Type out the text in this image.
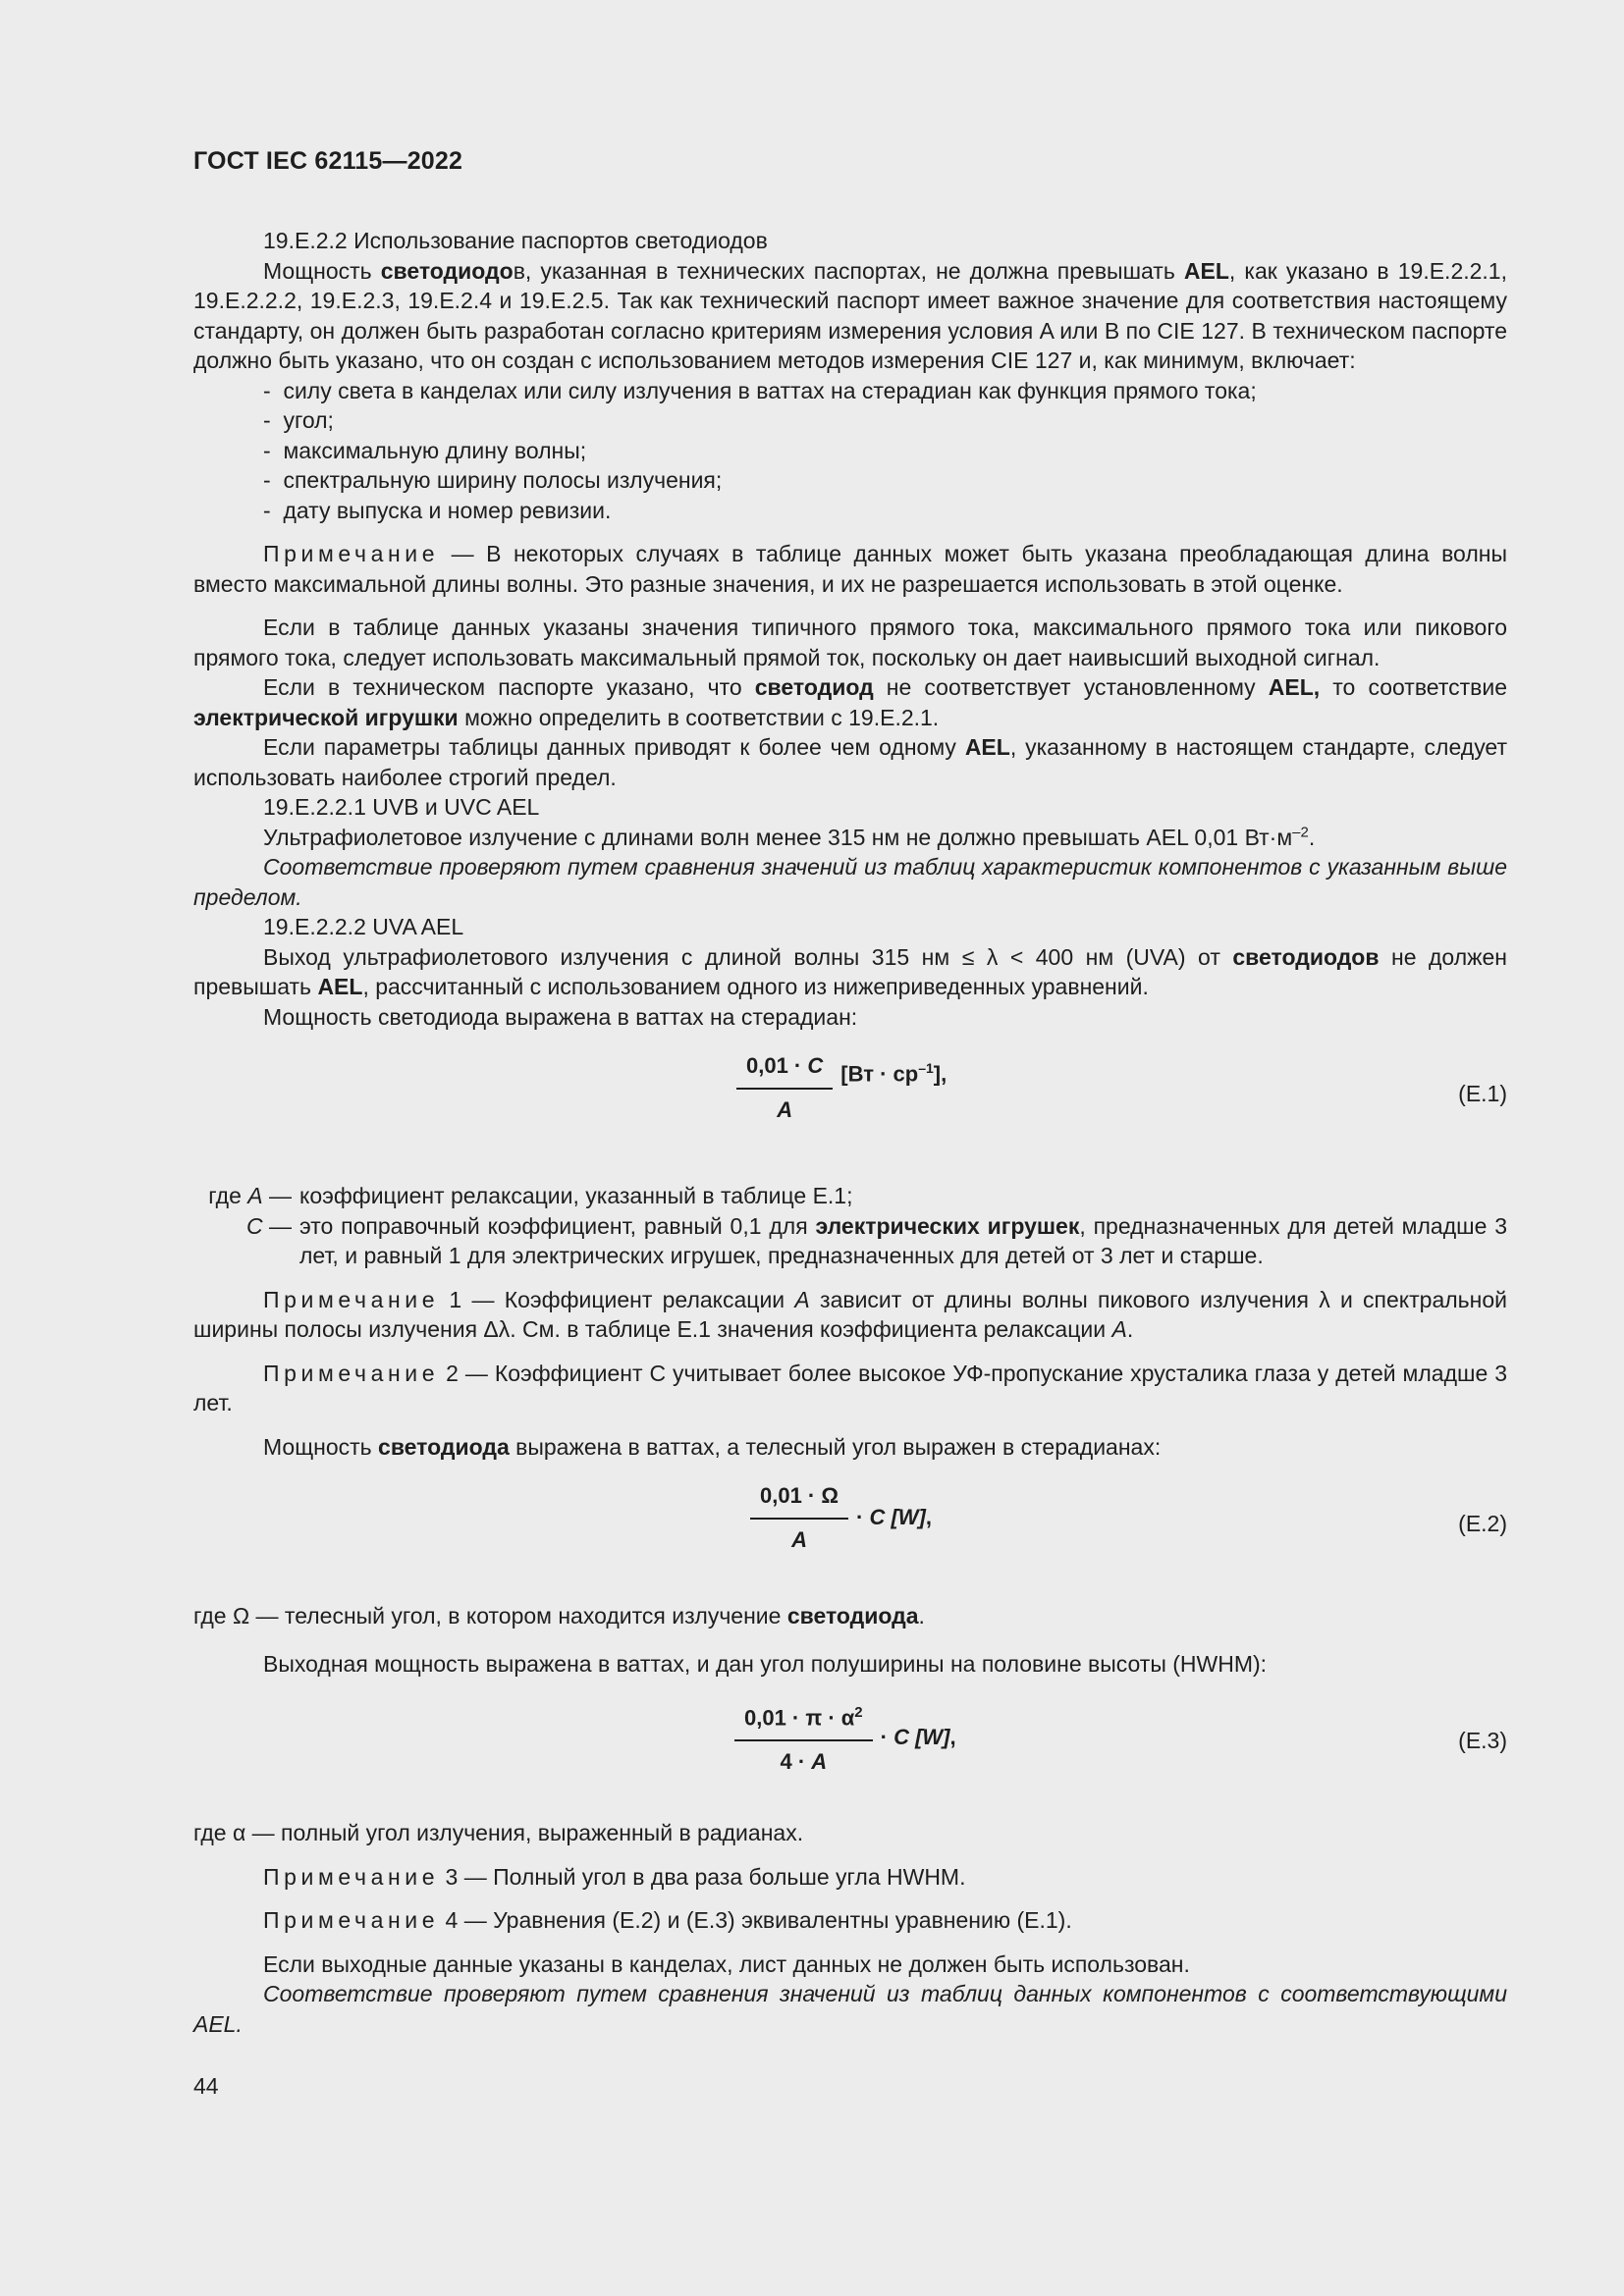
ГОСТ IEC 62115—2022

19.E.2.2 Использование паспортов светодиодов

Мощность светодиодов, указанная в технических паспортах, не должна превышать AEL, как указано в 19.E.2.2.1, 19.E.2.2.2, 19.E.2.3, 19.E.2.4 и 19.E.2.5. Так как технический паспорт имеет важное значение для соответствия настоящему стандарту, он должен быть разработан согласно критериям измерения условия A или B по CIE 127. В техническом паспорте должно быть указано, что он создан с использованием методов измерения CIE 127 и, как минимум, включает:

-  силу света в канделах или силу излучения в ваттах на стерадиан как функция прямого тока;
-  угол;
-  максимальную длину волны;
-  спектральную ширину полосы излучения;
-  дату выпуска и номер ревизии.

Примечание — В некоторых случаях в таблице данных может быть указана преобладающая длина волны вместо максимальной длины волны. Это разные значения, и их не разрешается использовать в этой оценке.

Если в таблице данных указаны значения типичного прямого тока, максимального прямого тока или пикового прямого тока, следует использовать максимальный прямой ток, поскольку он дает наивысший выходной сигнал.

Если в техническом паспорте указано, что светодиод не соответствует установленному AEL, то соответствие электрической игрушки можно определить в соответствии с 19.E.2.1.

Если параметры таблицы данных приводят к более чем одному AEL, указанному в настоящем стандарте, следует использовать наиболее строгий предел.

19.E.2.2.1 UVB и UVC AEL

Ультрафиолетовое излучение с длинами волн менее 315 нм не должно превышать AEL 0,01 $Вт\cdot м^{-2}$.

Соответствие проверяют путем сравнения значений из таблиц характеристик компонентов с указанным выше пределом.

19.E.2.2.2 UVA AEL

Выход ультрафиолетового излучения с длиной волны 315 нм ≤ λ < 400 нм (UVA) от светодиодов не должен превышать AEL, рассчитанный с использованием одного из нижеприведенных уравнений.

Мощность светодиода выражена в ваттах на стерадиан:

$\frac{0,01 \cdot C}{A} [Вт \cdot ср^{-1}]$,
(E.1)
где A — коэффициент релаксации, указанный в таблице E.1;
C — это поправочный коэффициент, равный 0,1 для электрических игрушек, предназначенных для детей младше 3 лет, и равный 1 для электрических игрушек, предназначенных для детей от 3 лет и старше.

Примечание 1 — Коэффициент релаксации A зависит от длины волны пикового излучения λ и спектральной ширины полосы излучения Δλ. См. в таблице E.1 значения коэффициента релаксации A.

Примечание 2 — Коэффициент C учитывает более высокое УФ-пропускание хрусталика глаза у детей младше 3 лет.

Мощность светодиода выражена в ваттах, а телесный угол выражен в стерадианах:

$\frac{0,01 \cdot \Omega}{A} \cdot C$ [W],	(E.2)

где Ω — телесный угол, в котором находится излучение светодиода.

Выходная мощность выражена в ваттах, и дан угол полуширины на половине высоты (HWHM):

$\frac{0,01 \cdot \pi \cdot \alpha^2}{4 \cdot A} \cdot C$ [W],	(E.3)

где α — полный угол излучения, выраженный в радианах.

Примечание 3 — Полный угол в два раза больше угла HWHM.

Примечание 4 — Уравнения (E.2) и (E.3) эквивалентны уравнению (E.1).

Если выходные данные указаны в канделах, лист данных не должен быть использован.

Соответствие проверяют путем сравнения значений из таблиц данных компонентов с соответствующими AEL.

44
